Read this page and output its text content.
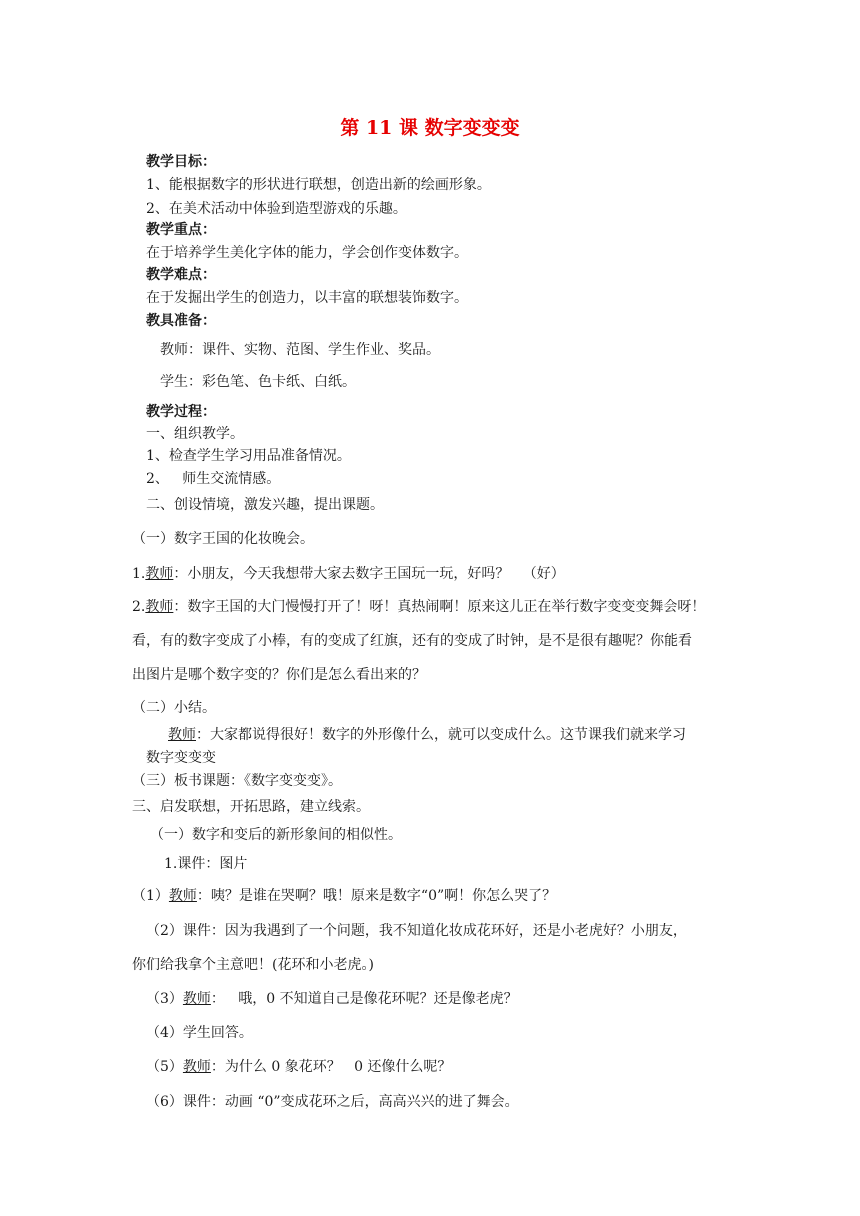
第 11 课 数字变变变
教学目标：
1、能根据数字的形状进行联想，创造出新的绘画形象。
2、在美术活动中体验到造型游戏的乐趣。
教学重点：
在于培养学生美化字体的能力，学会创作变体数字。
教学难点：
在于发掘出学生的创造力，以丰富的联想装饰数字。
教具准备：
教师：课件、实物、范图、学生作业、奖品。
学生：彩色笔、色卡纸、白纸。
教学过程：
一、组织教学。
1、检查学生学习用品准备情况。
2、   师生交流情感。
二、创设情境，激发兴趣，提出课题。
（一）数字王国的化妆晚会。
1.教师：小朋友，今天我想带大家去数字王国玩一玩，好吗？   （好）
2.教师：数字王国的大门慢慢打开了！呀！真热闹啊！原来这儿正在举行数字变变变舞会呀！
看，有的数字变成了小棒，有的变成了红旗，还有的变成了时钟，是不是很有趣呢？你能看
出图片是哪个数字变的？你们是怎么看出来的？
（二）小结。
教师：大家都说得很好！数字的外形像什么，就可以变成什么。这节课我们就来学习
数字变变变
（三）板书课题：《数字变变变》。
三、启发联想，开拓思路，建立线索。
（一）数字和变后的新形象间的相似性。
1.课件：图片
（1）教师：咦？是谁在哭啊？哦！原来是数字“0”啊！你怎么哭了？
（2）课件：因为我遇到了一个问题，我不知道化妆成花环好，还是小老虎好？小朋友，
你们给我拿个主意吧！(花环和小老虎。)
（3）教师：   哦，0 不知道自己是像花环呢？还是像老虎？
（4）学生回答。
（5）教师：为什么 0 象花环？   0 还像什么呢？
（6）课件：动画 “0”变成花环之后，高高兴兴的进了舞会。
